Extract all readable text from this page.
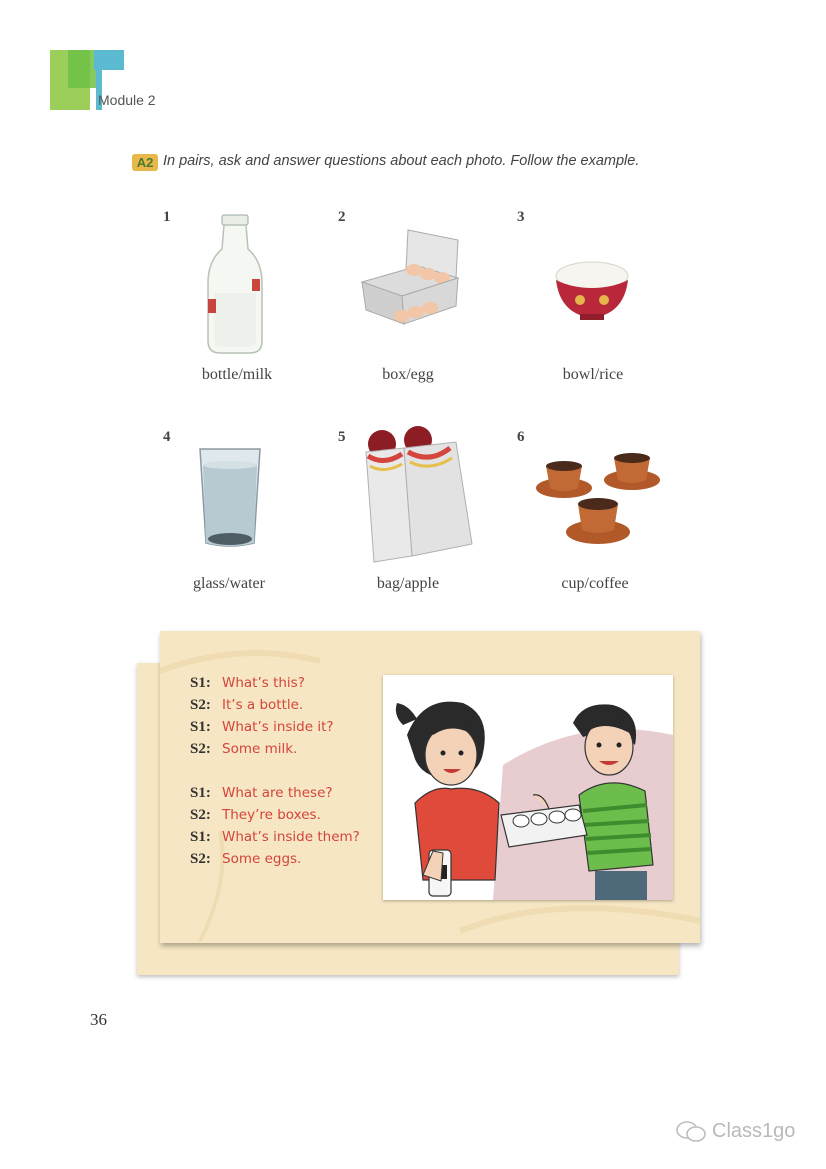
Module 2
A2 In pairs, ask and answer questions about each photo. Follow the example.
1
bottle/milk
2
box/egg
3
bowl/rice
4
glass/water
5
bag/apple
6
cup/coffee
S1: What’s this?
S2: It’s a bottle.
S1: What’s inside it?
S2: Some milk.
S1: What are these?
S2: They’re boxes.
S1: What’s inside them?
S2: Some eggs.
36
Class1go
